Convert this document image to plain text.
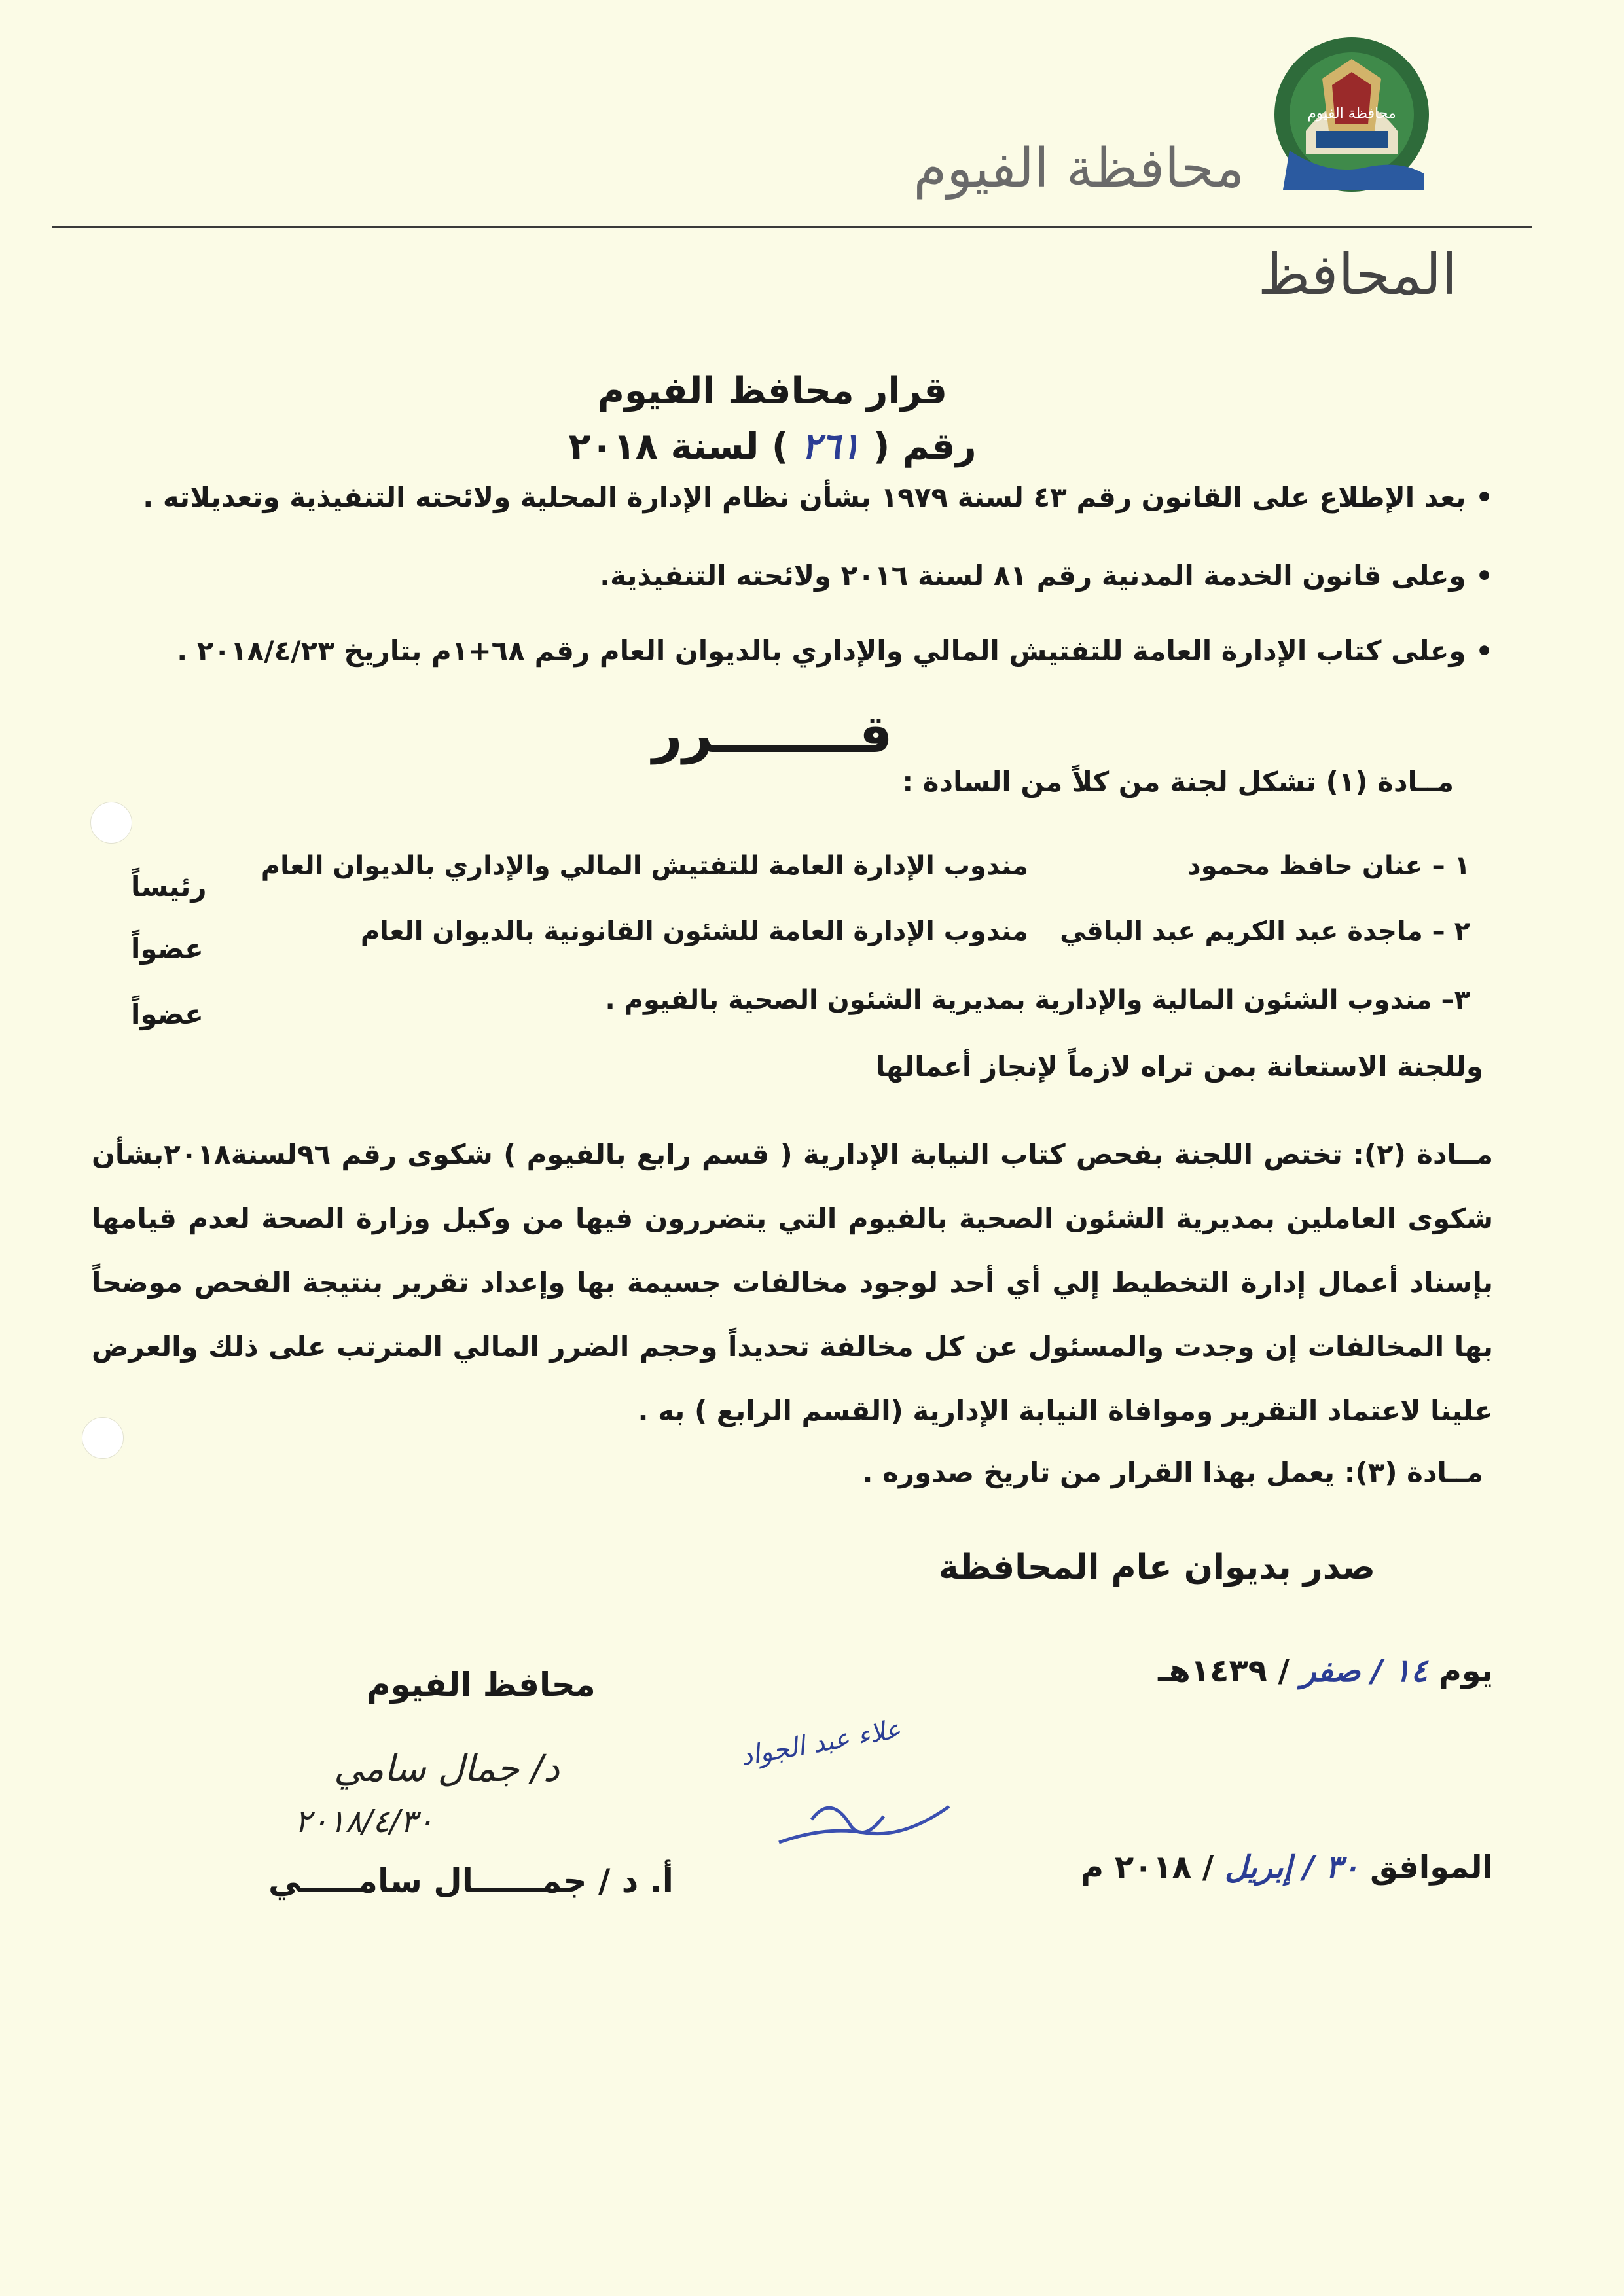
محافظة الفيوم
محافظة الفيوم
المحافظ
قرار محافظ الفيوم
رقم ( ٢٦١ ) لسنة ٢٠١٨
• بعد الإطلاع على القانون رقم ٤٣ لسنة ١٩٧٩ بشأن نظام الإدارة المحلية ولائحته التنفيذية وتعديلاته .
• وعلى قانون الخدمة المدنية رقم ٨١ لسنة ٢٠١٦ ولائحته التنفيذية.
• وعلى كتاب الإدارة العامة للتفتيش المالي والإداري بالديوان العام رقم ٦٨+١م بتاريخ ٢٠١٨/٤/٢٣ .
قــــــــرر
مــادة (١) تشكل لجنة من كلاً من السادة :
١ – عنان حافظ محمود
مندوب الإدارة العامة للتفتيش المالي والإداري بالديوان العام
رئيساً
٢ – ماجدة عبد الكريم عبد الباقي
مندوب الإدارة العامة للشئون القانونية بالديوان العام
عضواً
٣– مندوب الشئون المالية والإدارية بمديرية الشئون الصحية بالفيوم .
عضواً
وللجنة الاستعانة بمن تراه لازماً لإنجاز أعمالها
مــادة (٢): تختص اللجنة بفحص كتاب النيابة الإدارية ( قسم رابع بالفيوم ) شكوى رقم ٩٦لسنة٢٠١٨بشأن شكوى العاملين بمديرية الشئون الصحية بالفيوم التي يتضررون فيها من وكيل وزارة الصحة لعدم قيامها بإسناد أعمال إدارة التخطيط إلي أي أحد لوجود مخالفات جسيمة بها وإعداد تقرير بنتيجة الفحص موضحاً بها المخالفات إن وجدت والمسئول عن كل مخالفة تحديداً وحجم الضرر المالي المترتب على ذلك والعرض علينا لاعتماد التقرير وموافاة النيابة الإدارية (القسم الرابع ) به .
مــادة (٣): يعمل بهذا القرار من تاريخ صدوره .
صدر بديوان عام المحافظة
يوم ١٤ / صفر / ١٤٣٩هـ
الموافق ٣٠ / إبريل / ٢٠١٨ م
علاء عبد الجواد
محافظ الفيوم
د/ جمال سامي
٢٠١٨/٤/٣٠
أ. د / جمــــــال سامـــــي
